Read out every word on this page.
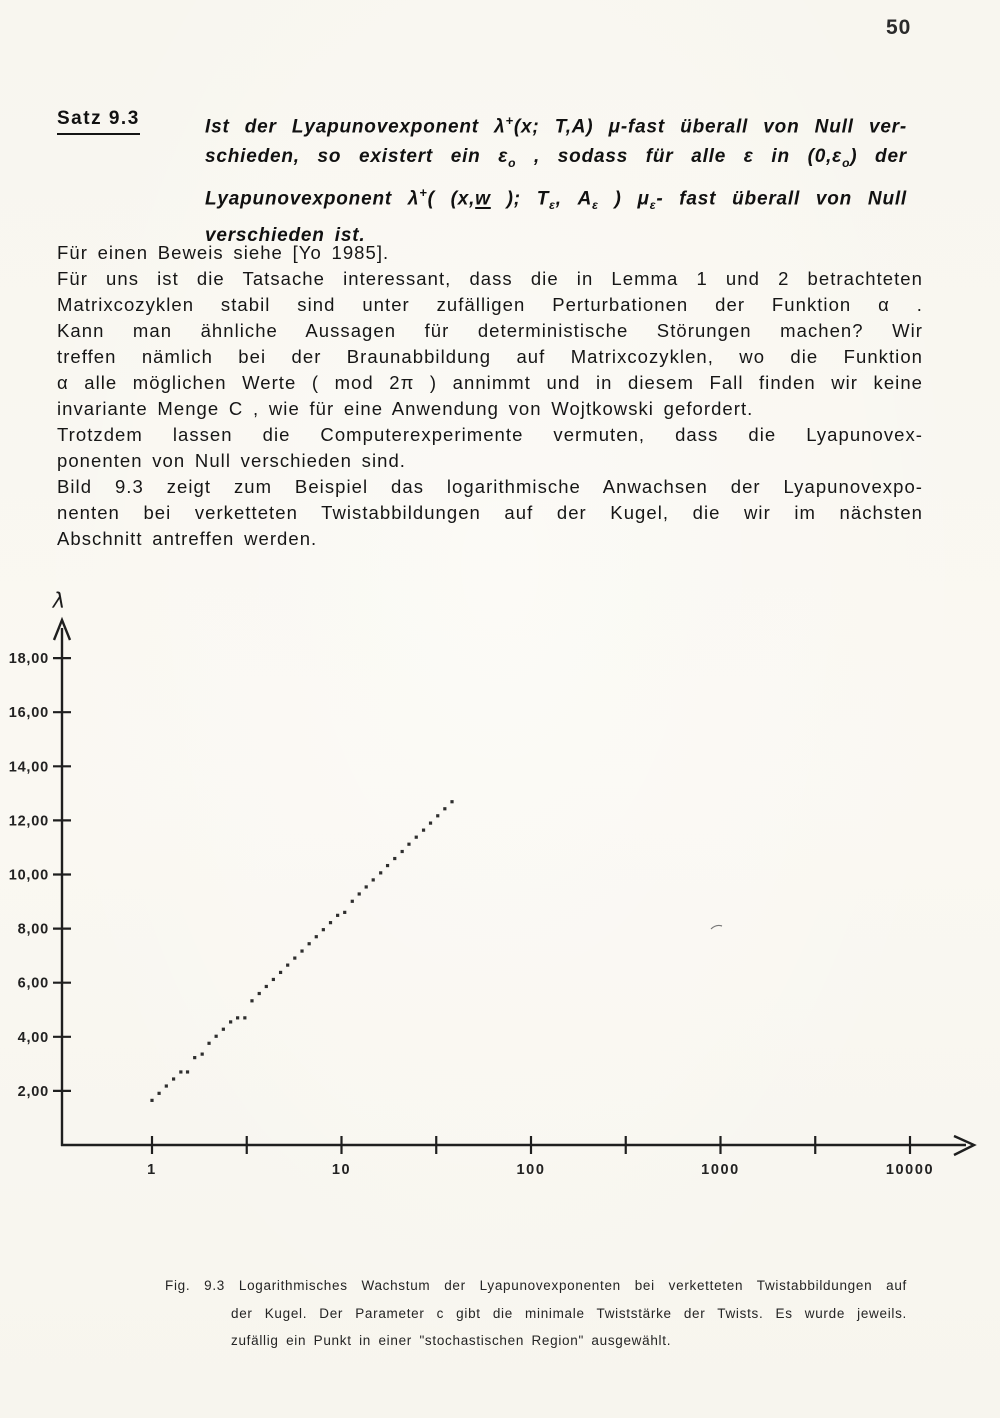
50
Satz 9.3	Ist der Lyapunovexponent λ+(x; T,A) μ-fast überall von Null ver-
schieden, so existert ein $\varepsilon_o$ , sodass für alle ε in $(0,\varepsilon_o)$ der
Lyapunovexponent λ+( (x,w ); $T_\varepsilon$, $A_\varepsilon$ ) $\mu_\varepsilon-$ fast überall von Null
verschieden ist.
Für einen Beweis siehe [Yo 1985].
Für uns ist die Tatsache interessant, dass die in Lemma 1 und 2 betrachteten
Matrixcozyklen stabil sind unter zufälligen Perturbationen der Funktion α .
Kann man ähnliche Aussagen für deterministische Störungen machen? Wir
treffen nämlich bei der Braunabbildung auf Matrixcozyklen, wo die Funktion
α alle möglichen Werte ( mod 2π ) annimmt und in diesem Fall finden wir keine
invariante Menge C , wie für eine Anwendung von Wojtkowski gefordert.
Trotzdem lassen die Computerexperimente vermuten, dass die Lyapunovex-
ponenten von Null verschieden sind.
Bild 9.3 zeigt zum Beispiel das logarithmische Anwachsen der Lyapunovexpo-
nenten bei verketteten Twistabbildungen auf der Kugel, die wir im nächsten
Abschnitt antreffen werden.
λ
2,00
4,00
6,00
8,00
10,00
12,00
14,00
16,00
18,00
1	10	100	1000	10000
Fig. 9.3 Logarithmisches Wachstum der Lyapunovexponenten bei verketteten Twistabbildungen auf
der Kugel. Der Parameter c gibt die minimale Twiststärke der Twists. Es wurde jeweils.
zufällig ein Punkt in einer "stochastischen Region" ausgewählt.
